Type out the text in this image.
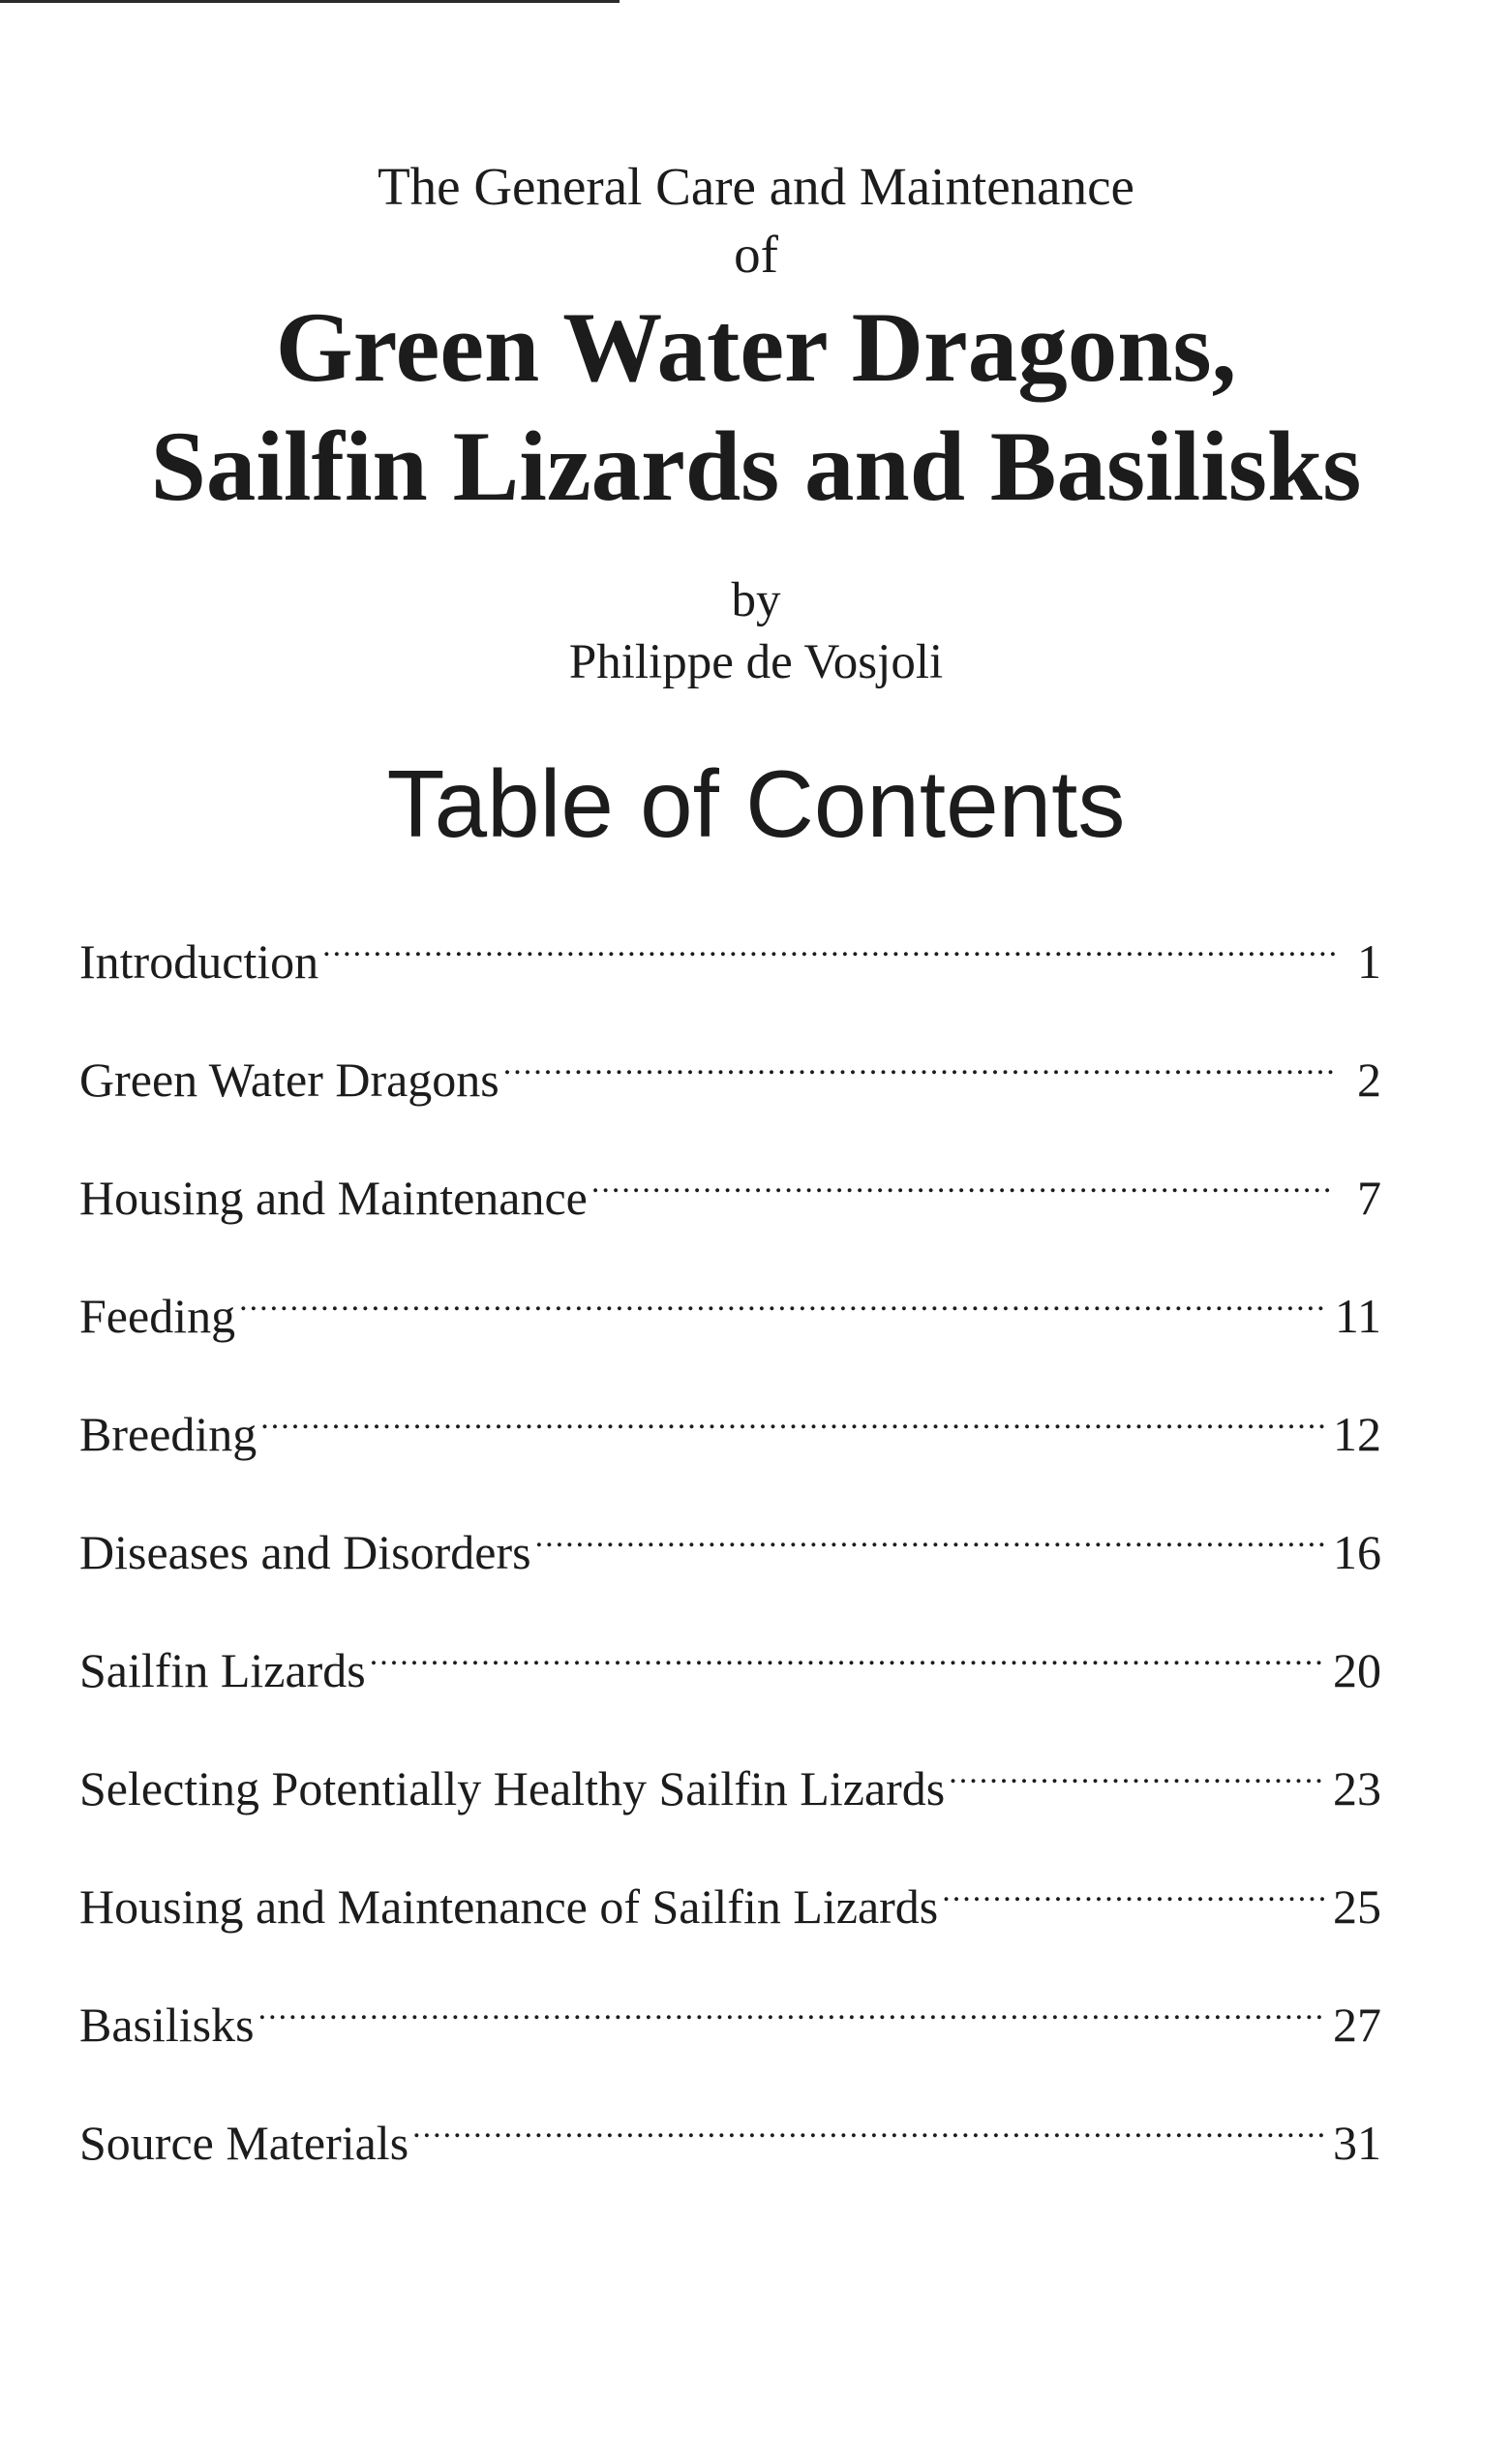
The General Care and Maintenance
of
Green Water Dragons,
Sailfin Lizards and Basilisks
by
Philippe de Vosjoli
Table of Contents
Introduction .....	1
Green Water Dragons .....	2
Housing and Maintenance .....	7
Feeding .....	11
Breeding .....	12
Diseases and Disorders .....	16
Sailfin Lizards .....	20
Selecting Potentially Healthy Sailfin Lizards .....	23
Housing and Maintenance of Sailfin Lizards .....	25
Basilisks .....	27
Source Materials .....	31
